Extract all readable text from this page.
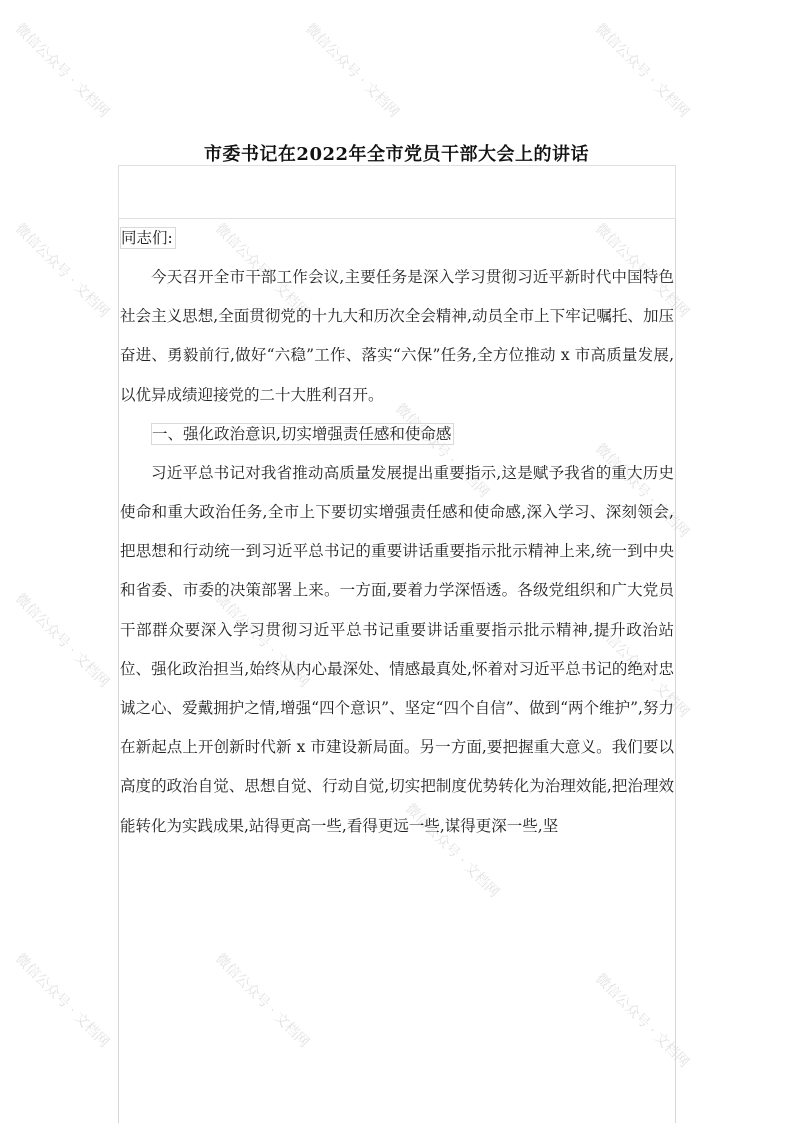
微信公众号 · 文档网	微信公众号 · 文档网	微信公众号 · 文档网
微信公众号 · 文档网	微信公众号 · 文档网	微信公众号 · 文档网
微信公众号 · 文档网	微信公众号 · 文档网
微信公众号 · 文档网	微信公众号 · 文档网	微信公众号 · 文档网
微信公众号 · 文档网
微信公众号 · 文档网	微信公众号 · 文档网	微信公众号 · 文档网
市委书记在2022年全市党员干部大会上的讲话
同志们:
今天召开全市干部工作会议,主要任务是深入学习贯彻习近平新时代中国特色社会主义思想,全面贯彻党的十九大和历次全会精神,动员全市上下牢记嘱托、加压奋进、勇毅前行,做好“六稳”工作、落实“六保”任务,全方位推动 x 市高质量发展,以优异成绩迎接党的二十大胜利召开。
一、强化政治意识,切实增强责任感和使命感
习近平总书记对我省推动高质量发展提出重要指示,这是赋予我省的重大历史使命和重大政治任务,全市上下要切实增强责任感和使命感,深入学习、深刻领会,把思想和行动统一到习近平总书记的重要讲话重要指示批示精神上来,统一到中央和省委、市委的决策部署上来。一方面,要着力学深悟透。各级党组织和广大党员干部群众要深入学习贯彻习近平总书记重要讲话重要指示批示精神,提升政治站位、强化政治担当,始终从内心最深处、情感最真处,怀着对习近平总书记的绝对忠诚之心、爱戴拥护之情,增强“四个意识”、坚定“四个自信”、做到“两个维护”,努力在新起点上开创新时代新 x 市建设新局面。另一方面,要把握重大意义。我们要以高度的政治自觉、思想自觉、行动自觉,切实把制度优势转化为治理效能,把治理效能转化为实践成果,站得更高一些,看得更远一些,谋得更深一些,坚
